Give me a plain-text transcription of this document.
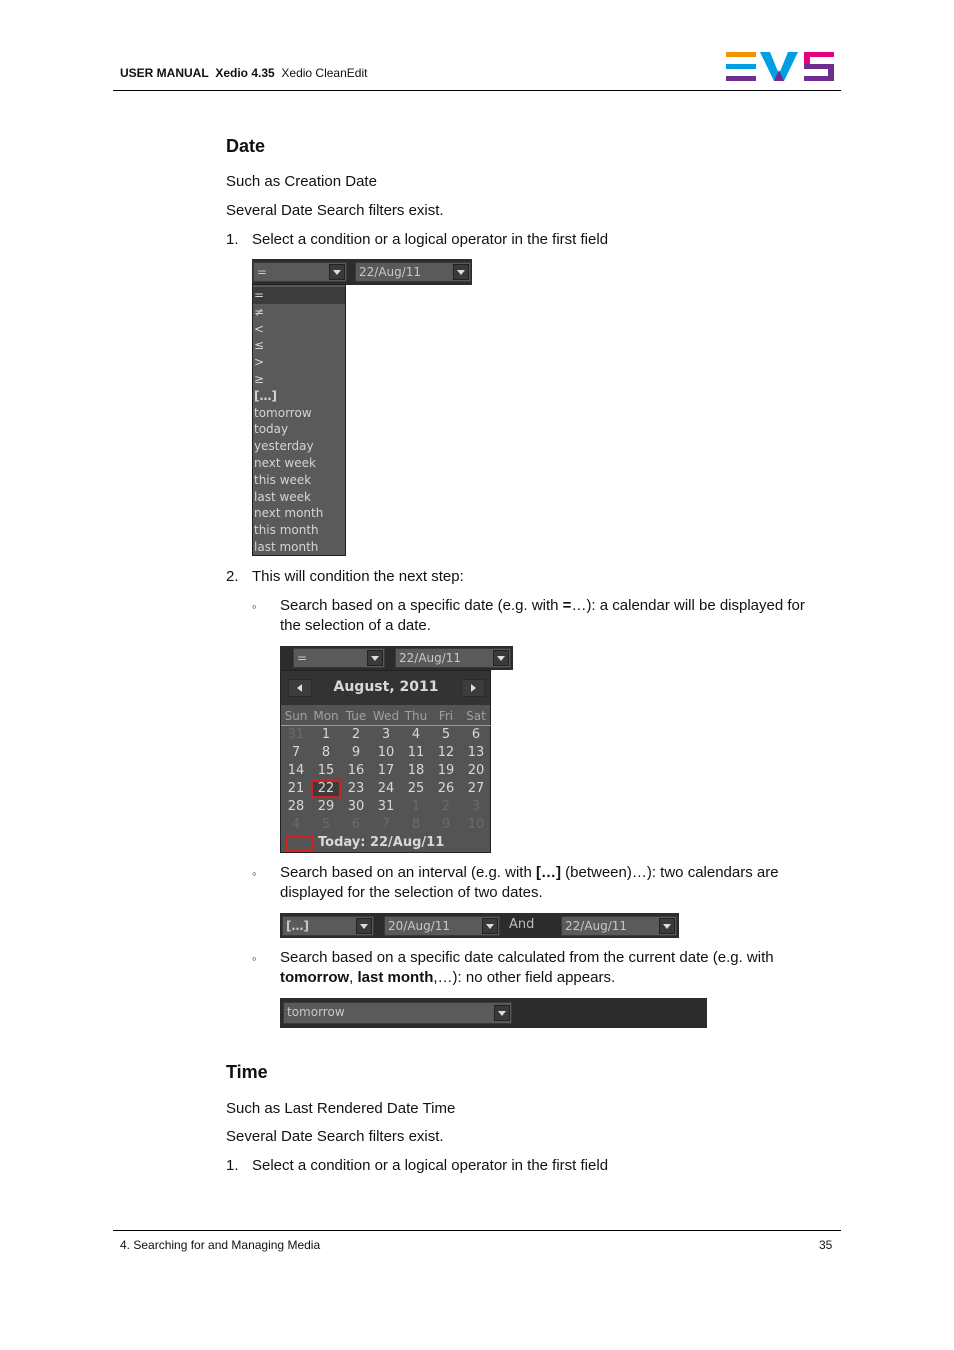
USER MANUAL Xedio 4.35 Xedio CleanEdit
Date
Such as Creation Date
Several Date Search filters exist.
1. Select a condition or a logical operator in the first field
=	22/Aug/11
=
≠
<
≤
>
≥
[…]
tomorrow
today
yesterday
next week
this week
last week
next month
this month
last month
2. This will condition the next step:
◦ Search based on a specific date (e.g. with =…): a calendar will be displayed for the selection of a date.
=	22/Aug/11
August, 2011
Sun Mon Tue Wed Thu Fri	Sat
31	1	2	3	4	5	6
7	8	9	10	11	12	13
14	15	16	17	18	19	20
21	22	23	24	25	26	27
28	29	30	31	1	2	3
4	5	6	7	8	9	10
Today: 22/Aug/11
◦ Search based on an interval (e.g. with […] (between)…): two calendars are displayed for the selection of two dates.
[…]	20/Aug/11	And	22/Aug/11
◦ Search based on a specific date calculated from the current date (e.g. with tomorrow, last month,…): no other field appears.
tomorrow
Time
Such as Last Rendered Date Time
Several Date Search filters exist.
1. Select a condition or a logical operator in the first field
4. Searching for and Managing Media	35
